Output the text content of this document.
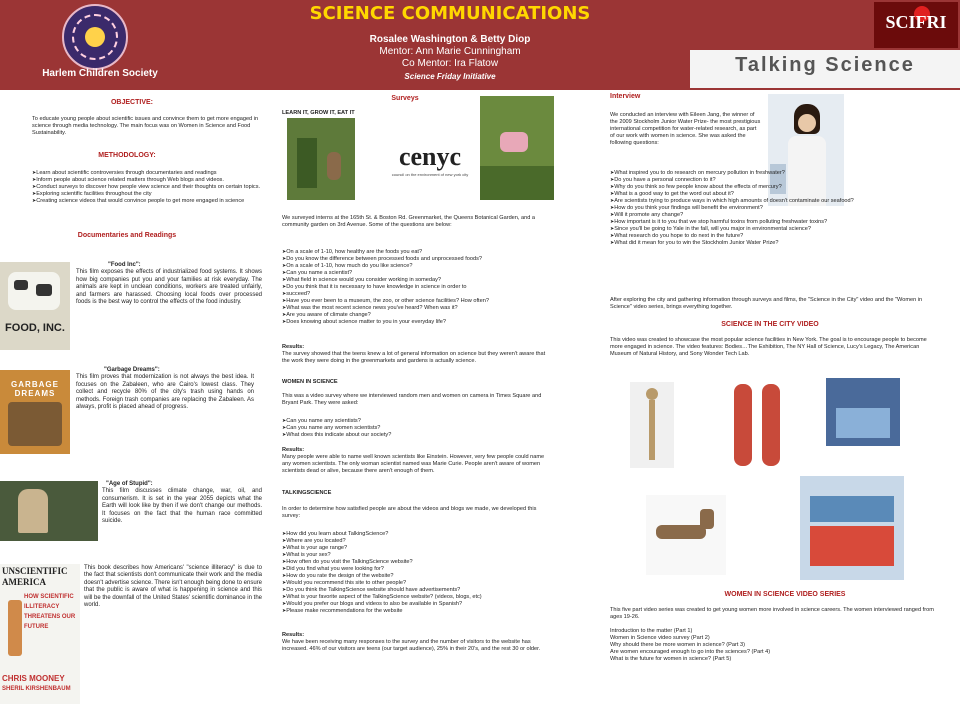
Harlem Children Society
SCIENCE COMMUNICATIONS
Rosalee Washington & Betty Diop
Mentor: Ann Marie Cunningham
Co Mentor: Ira Flatow
Science Friday Initiative
SCIFRI
Talking Science
OBJECTIVE:
To educate young people about scientific issues and convince them to get more engaged in science through media technology. The main focus was on Women in Science and Food Sustainability.
METHODOLOGY:
➤ Learn about scientific controversies through documentaries and readings
➤ Inform people about science related matters through Web blogs and videos.
➤ Conduct surveys to discover how people view science and their thoughts on certain topics.
➤ Exploring scientific facilities throughout the city
➤ Creating science videos that would convince people to get more engaged in science
Documentaries and Readings
FOOD, INC.
"Food Inc":
This film exposes the effects of industrialized food systems. It shows how big companies put you and your families at risk everyday. The animals are kept in unclean conditions, workers are treated unfairly, and farmers are harassed. Choosing local foods over processed foods is the best way to control the effects of the food industry.
GARBAGE DREAMS
"Garbage Dreams":
This film proves that modernization is not always the best idea. It focuses on the Zabaleen, who are Cairo's lowest class. They collect and recycle 80% of the city's trash using hands on methods. Foreign trash companies are replacing the Zabaleen. As always, profit is placed ahead of progress.
"Age of Stupid":
This film discusses climate change, war, oil, and consumerism. It is set in the year 2055 depicts what the Earth will look like by then if we don't change our methods. It focuses on the fact that the human race committed suicide.
UNSCIENTIFIC AMERICA
HOW SCIENTIFIC ILLITERACY THREATENS OUR FUTURE
CHRIS MOONEY
SHERIL KIRSHENBAUM
This book describes how Americans' "science illiteracy" is due to the fact that scientists don't communicate their work and the media doesn't advertise science. There isn't enough being done to ensure that the public is aware of what is happening in science and this will be the downfall of the United States' scientific dominance in the world.
Surveys
LEARN IT, GROW IT, EAT IT
cenyc
council on the environment of new york city
We surveyed interns at the 165th St. & Boston Rd. Greenmarket, the Queens Botanical Garden, and a community garden on 3rd Avenue. Some of the questions are below:
➤ On a scale of 1-10, how healthy are the foods you eat?
➤ Do you know the difference between processed foods and unprocessed foods?
➤ On a scale of 1-10, how much do you like science?
➤ Can you name a scientist?
➤ What field in science would you consider working in someday?
➤ Do you think that it is necessary to have knowledge in science in order to
➤ succeed?
➤ Have you ever been to a museum, the zoo, or other science facilities? How often?
➤ What was the most recent science news you've heard? When was it?
➤ Are you aware of climate change?
➤ Does knowing about science matter to you in your everyday life?
Results:
The survey showed that the teens knew a lot of general information on science but they weren't aware that the work they were doing in the greenmarkets and gardens is actually science.
WOMEN IN SCIENCE
This was a video survey where we interviewed random men and women on camera in Times Square and Bryant Park. They were asked:
➤ Can you name any scientists?
➤ Can you name any women scientists?
➤ What does this indicate about our society?
Results:
Many people were able to name well known scientists like Einstein. However, very few people could name any women scientists. The only woman scientist named was Marie Curie. People aren't aware of women scientists dead or alive, because there aren't enough of them.
TALKINGSCIENCE
In order to determine how satisfied people are about the videos and blogs we made, we developed this survey:
➤ How did you learn about TalkingScience?
➤ Where are you located?
➤ What is your age range?
➤ What is your sex?
➤ How often do you visit the TalkingScience website?
➤ Did you find what you were looking for?
➤ How do you rate the design of the website?
➤ Would you recommend this site to other people?
➤ Do you think the TalkingScience website should have advertisements?
➤ What is your favorite aspect of the TalkingScience website? (videos, blogs, etc)
➤ Would you prefer our blogs and videos to also be available in Spanish?
➤ Please make recommendations for the website
Results:
We have been receiving many responses to the survey and the number of visitors to the website has increased. 46% of our visitors are teens (our target audience), 25% in their 20's, and the rest 30 or older.
Interview
We conducted an interview with Eileen Jang, the winner of the 2009 Stockholm Junior Water Prize- the most prestigious international competition for water-related research, as part of our work with women in science. She was asked the following questions:
➤ What inspired you to do research on mercury pollution in freshwater?
➤ Do you have a personal connection to it?
➤ Why do you think so few people know about the effects of mercury?
➤ What is a good way to get the word out about it?
➤ Are scientists trying to produce ways in which high amounts of doesn't contaminate our seafood?
➤ How do you think your findings will benefit the environment?
➤ Will it promote any change?
➤ How important is it to you that we stop harmful toxins from polluting freshwater toxins?
➤ Since you'll be going to Yale in the fall, will you major in environmental science?
➤ What research do you hope to do next in the future?
➤ What did it mean for you to win the Stockholm Junior Water Prize?
After exploring the city and gathering information through surveys and films, the "Science in the City" video and the "Women in Science" video series, brings everything together.
SCIENCE IN THE CITY VIDEO
This video was created to showcase the most popular science facilities in New York. The goal is to encourage people to become more engaged in science. The video features: Bodies…The Exhibition, The NY Hall of Science, Lucy's Legacy, The American Museum of Natural History, and Sony Wonder Tech Lab.
WOMEN IN SCIENCE VIDEO SERIES
This five part video series was created to get young women more involved in science careers. The women interviewed ranged from ages 19-26.
Introduction to the matter (Part 1)
Women in Science video survey (Part 2)
Why should there be more women in science? (Part 3)
Are women encouraged enough to go into the sciences? (Part 4)
What is the future for women in science? (Part 5)
